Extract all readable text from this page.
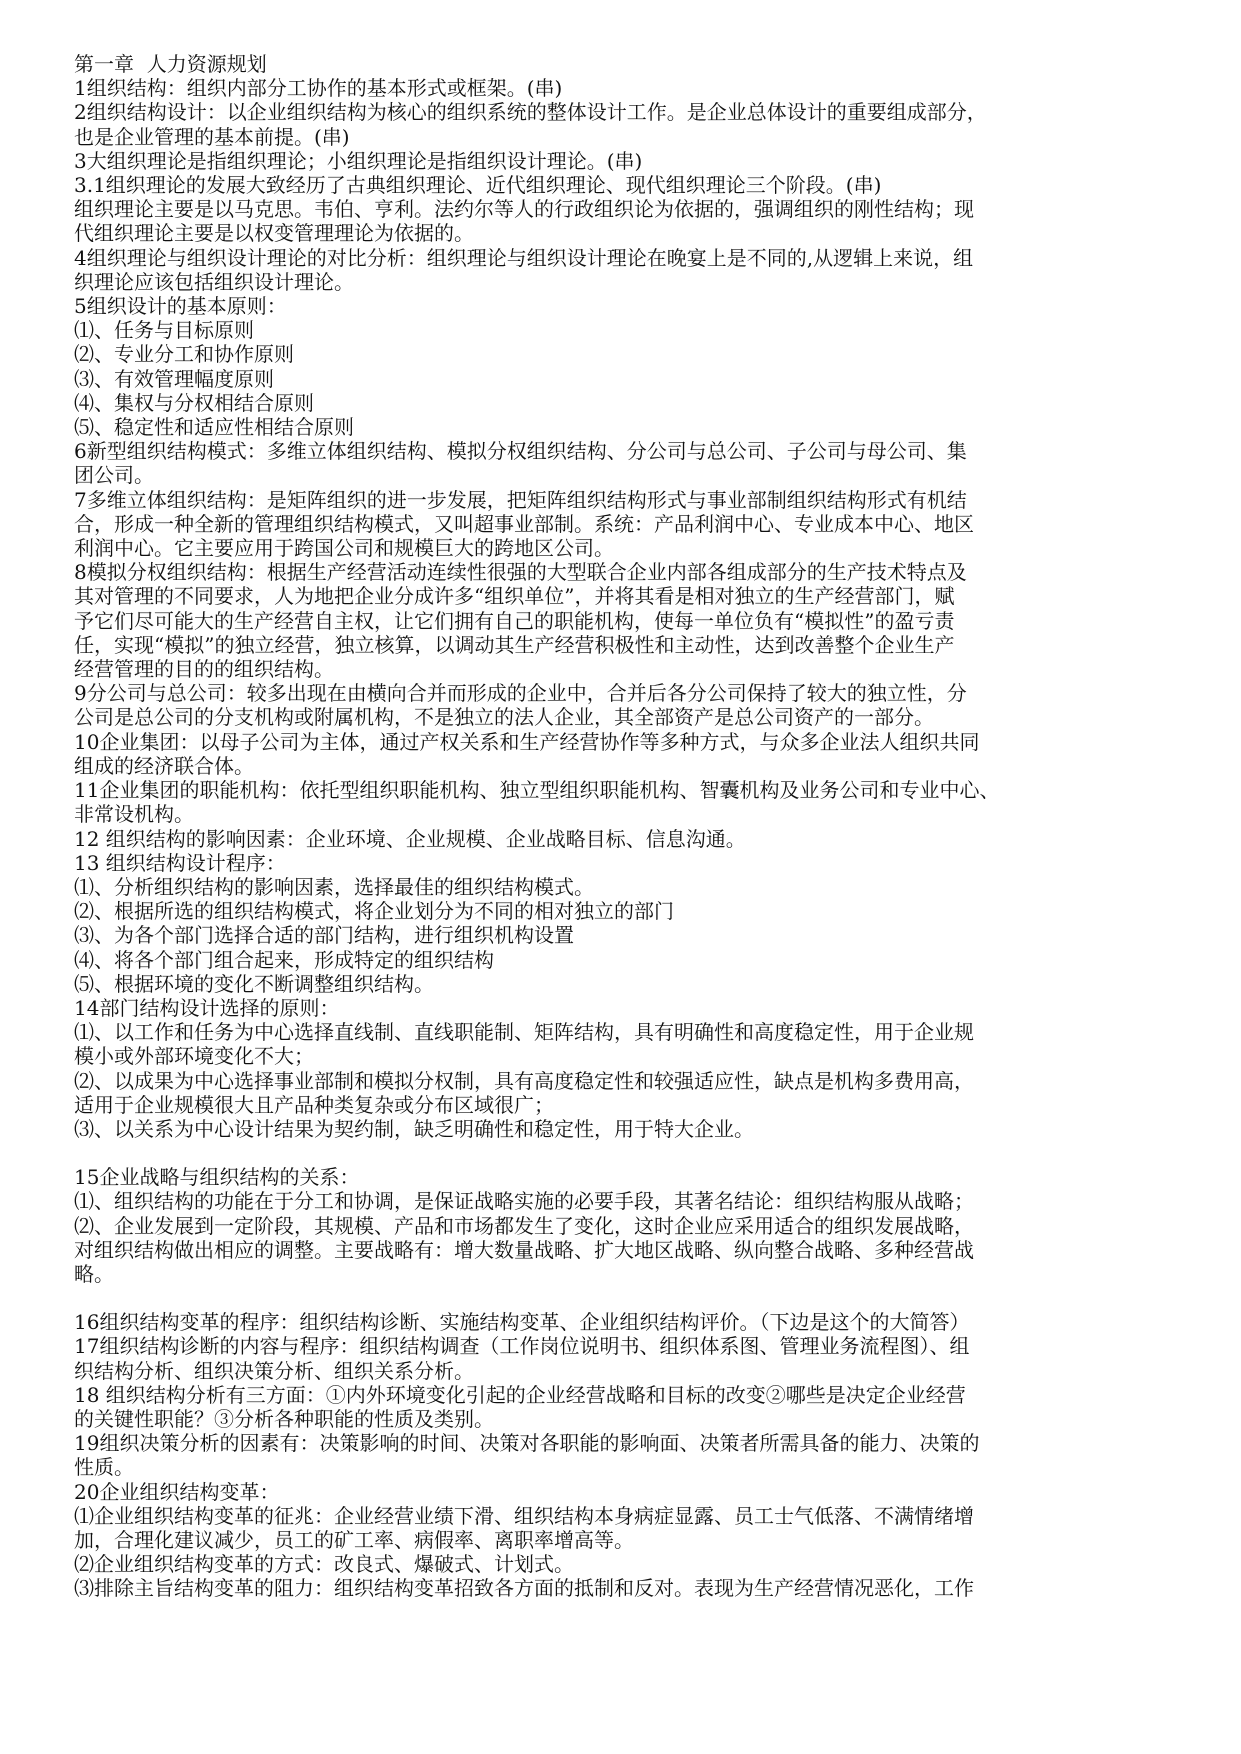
第一章  人力资源规划
1组织结构：组织内部分工协作的基本形式或框架。(串)
2组织结构设计：以企业组织结构为核心的组织系统的整体设计工作。是企业总体设计的重要组成部分，
也是企业管理的基本前提。(串)
3大组织理论是指组织理论；小组织理论是指组织设计理论。(串)
3.1组织理论的发展大致经历了古典组织理论、近代组织理论、现代组织理论三个阶段。(串)
组织理论主要是以马克思。韦伯、亨利。法约尔等人的行政组织论为依据的，强调组织的刚性结构；现
代组织理论主要是以权变管理理论为依据的。
4组织理论与组织设计理论的对比分析：组织理论与组织设计理论在晚宴上是不同的,从逻辑上来说，组
织理论应该包括组织设计理论。
5组织设计的基本原则：
⑴、任务与目标原则
⑵、专业分工和协作原则
⑶、有效管理幅度原则
⑷、集权与分权相结合原则
⑸、稳定性和适应性相结合原则
6新型组织结构模式：多维立体组织结构、模拟分权组织结构、分公司与总公司、子公司与母公司、集
团公司。
7多维立体组织结构：是矩阵组织的进一步发展，把矩阵组织结构形式与事业部制组织结构形式有机结
合，形成一种全新的管理组织结构模式，又叫超事业部制。系统：产品利润中心、专业成本中心、地区
利润中心。它主要应用于跨国公司和规模巨大的跨地区公司。
8模拟分权组织结构：根据生产经营活动连续性很强的大型联合企业内部各组成部分的生产技术特点及
其对管理的不同要求，人为地把企业分成许多“组织单位”，并将其看是相对独立的生产经营部门，赋
予它们尽可能大的生产经营自主权，让它们拥有自己的职能机构，使每一单位负有“模拟性”的盈亏责
任，实现“模拟”的独立经营，独立核算，以调动其生产经营积极性和主动性，达到改善整个企业生产
经营管理的目的的组织结构。
9分公司与总公司：较多出现在由横向合并而形成的企业中，合并后各分公司保持了较大的独立性，分
公司是总公司的分支机构或附属机构，不是独立的法人企业，其全部资产是总公司资产的一部分。
10企业集团：以母子公司为主体，通过产权关系和生产经营协作等多种方式，与众多企业法人组织共同
组成的经济联合体。
11企业集团的职能机构：依托型组织职能机构、独立型组织职能机构、智囊机构及业务公司和专业中心、
非常设机构。
12 组织结构的影响因素：企业环境、企业规模、企业战略目标、信息沟通。
13 组织结构设计程序：
⑴、分析组织结构的影响因素，选择最佳的组织结构模式。
⑵、根据所选的组织结构模式，将企业划分为不同的相对独立的部门
⑶、为各个部门选择合适的部门结构，进行组织机构设置
⑷、将各个部门组合起来，形成特定的组织结构
⑸、根据环境的变化不断调整组织结构。
14部门结构设计选择的原则：
⑴、以工作和任务为中心选择直线制、直线职能制、矩阵结构，具有明确性和高度稳定性，用于企业规
模小或外部环境变化不大；
⑵、以成果为中心选择事业部制和模拟分权制，具有高度稳定性和较强适应性，缺点是机构多费用高，
适用于企业规模很大且产品种类复杂或分布区域很广；
⑶、以关系为中心设计结果为契约制，缺乏明确性和稳定性，用于特大企业。
15企业战略与组织结构的关系：
⑴、组织结构的功能在于分工和协调，是保证战略实施的必要手段，其著名结论：组织结构服从战略；
⑵、企业发展到一定阶段，其规模、产品和市场都发生了变化，这时企业应采用适合的组织发展战略，
对组织结构做出相应的调整。主要战略有：增大数量战略、扩大地区战略、纵向整合战略、多种经营战
略。
16组织结构变革的程序：组织结构诊断、实施结构变革、企业组织结构评价。（下边是这个的大简答）
17组织结构诊断的内容与程序：组织结构调查（工作岗位说明书、组织体系图、管理业务流程图）、组
织结构分析、组织决策分析、组织关系分析。
18 组织结构分析有三方面：①内外环境变化引起的企业经营战略和目标的改变②哪些是决定企业经营
的关键性职能？③分析各种职能的性质及类别。
19组织决策分析的因素有：决策影响的时间、决策对各职能的影响面、决策者所需具备的能力、决策的
性质。
20企业组织结构变革：
⑴企业组织结构变革的征兆：企业经营业绩下滑、组织结构本身病症显露、员工士气低落、不满情绪增
加，合理化建议减少，员工的矿工率、病假率、离职率增高等。
⑵企业组织结构变革的方式：改良式、爆破式、计划式。
⑶排除主旨结构变革的阻力：组织结构变革招致各方面的抵制和反对。表现为生产经营情况恶化，工作
